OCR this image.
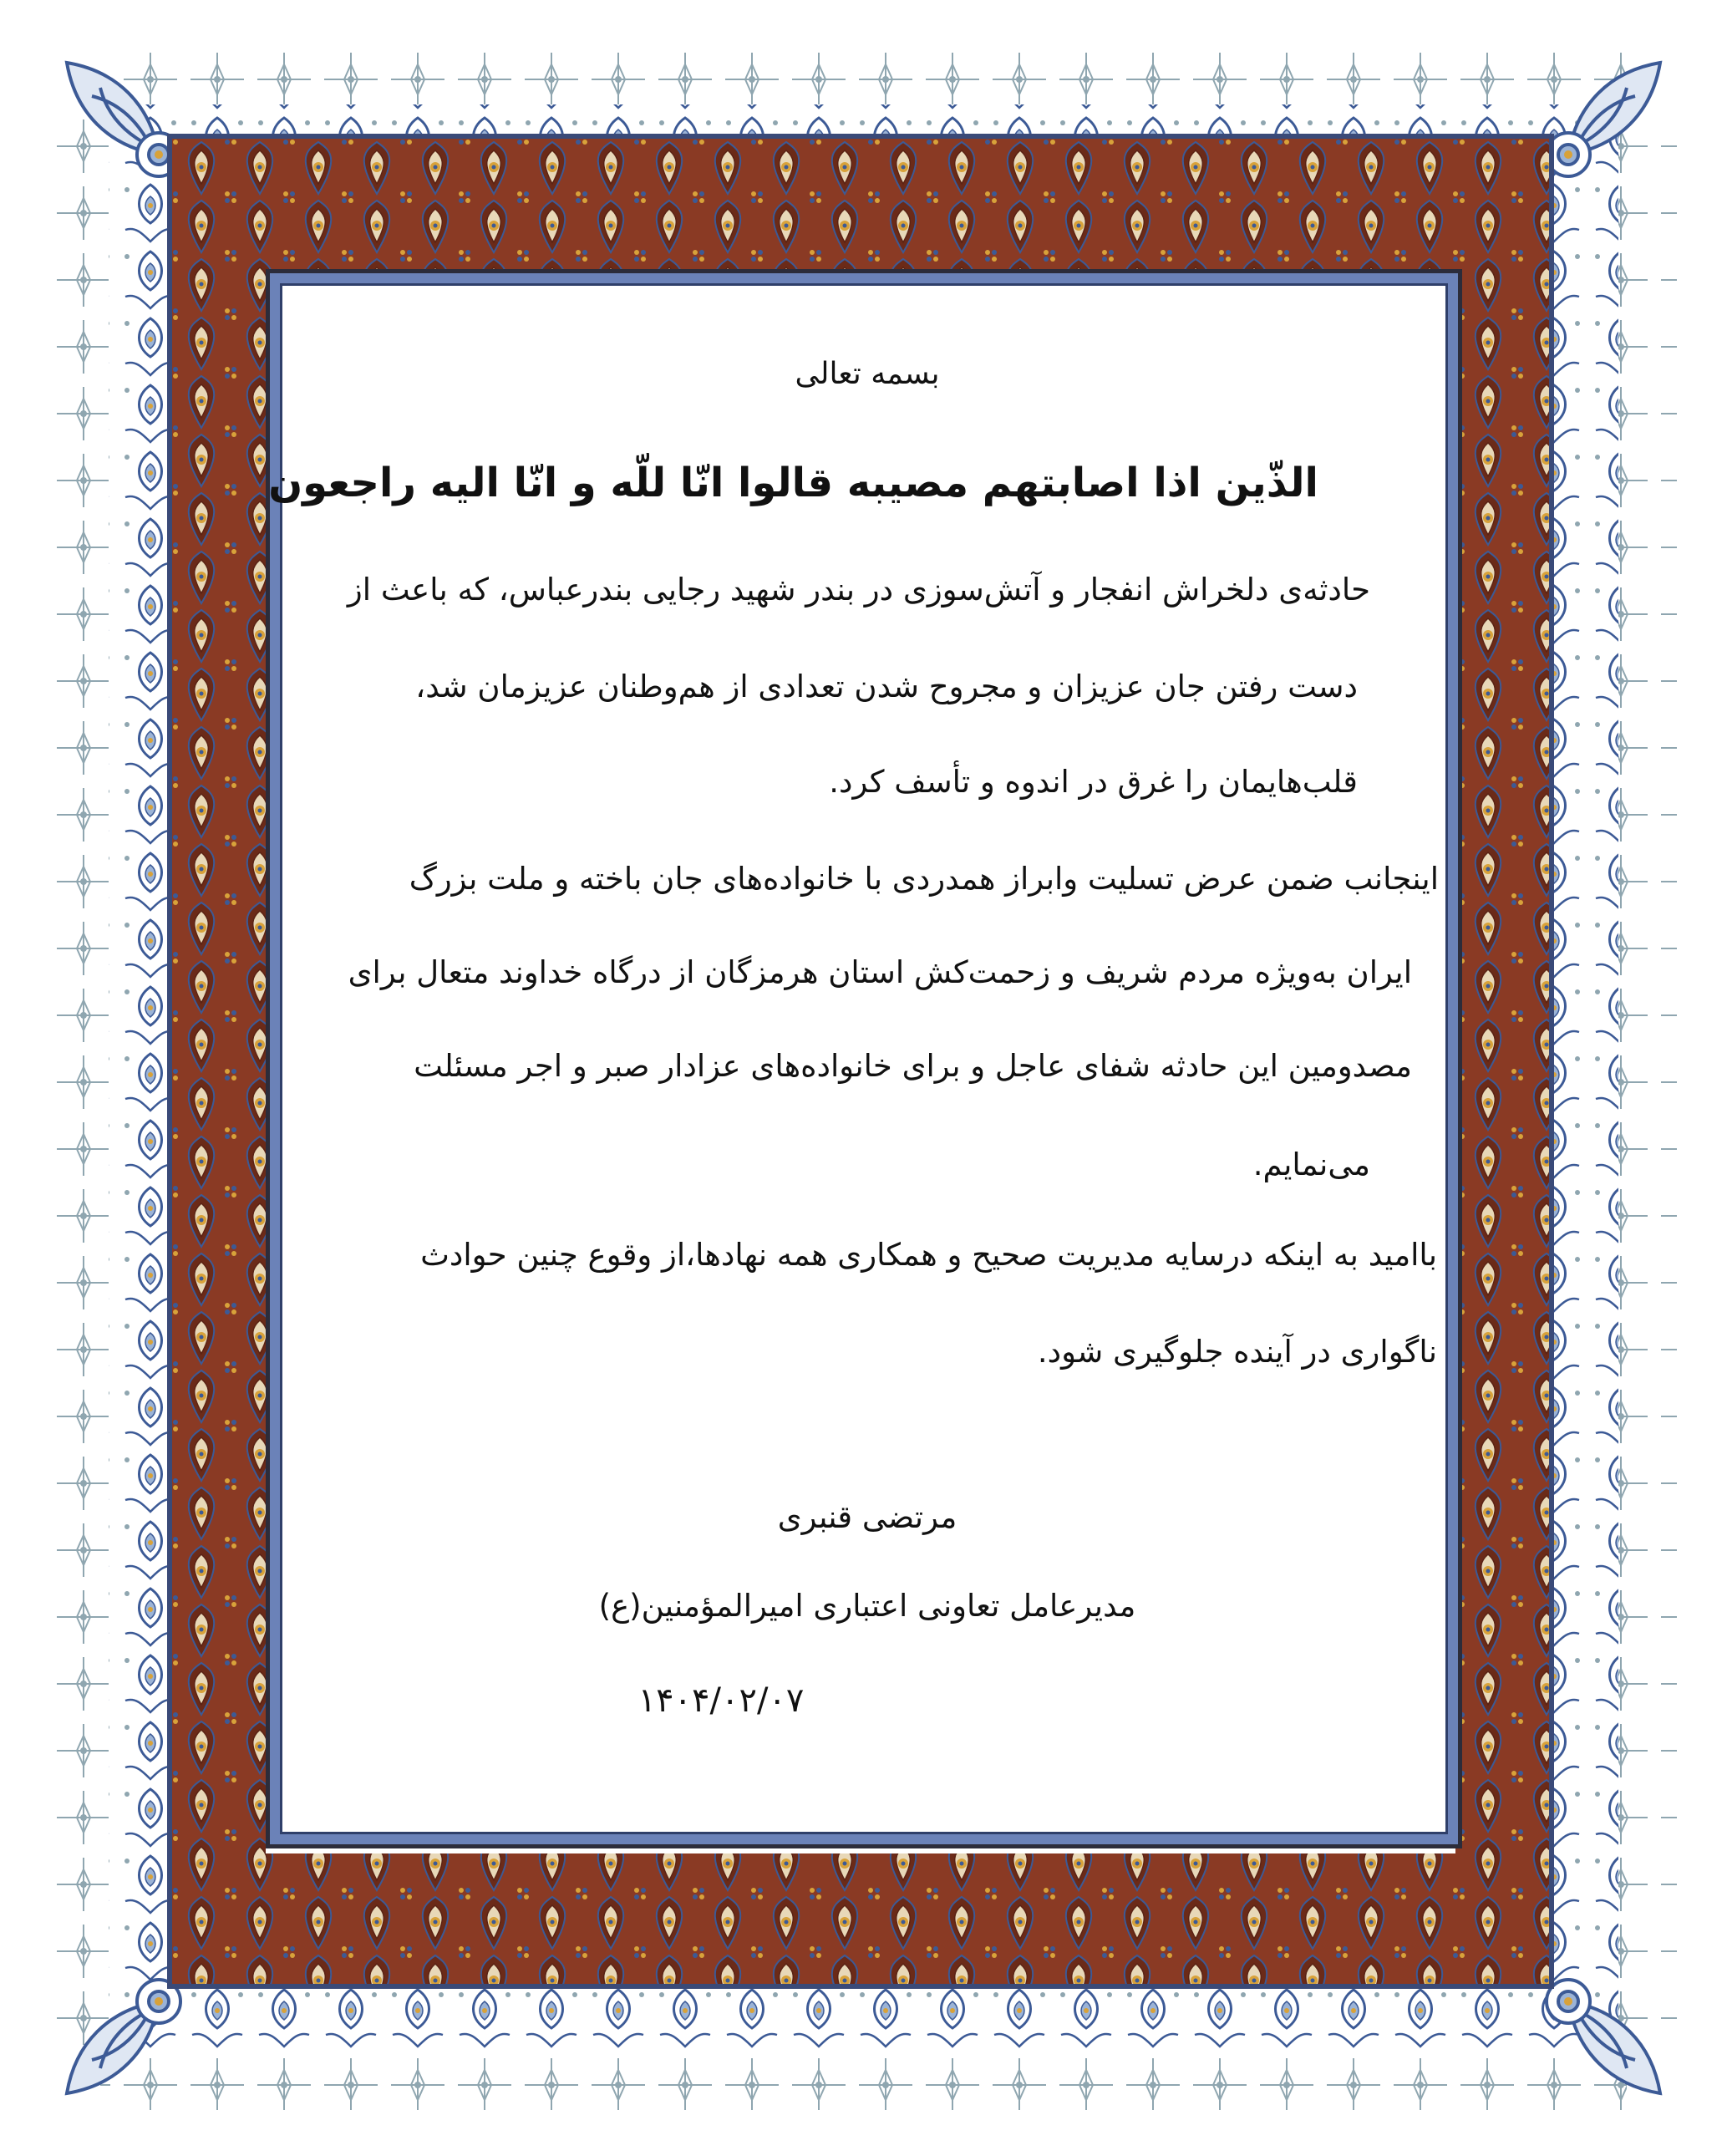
بسمه تعالی
الذّین اذا اصابتهم مصیبه قالوا انّا للّه و انّا الیه راجعون
حادثه‌ی دلخراش انفجار و آتش‌سوزی در بندر شهید رجایی بندرعباس، که باعث از
دست رفتن جان عزیزان و مجروح شدن تعدادی از هم‌وطنان عزیزمان شد،
قلب‌هایمان را غرق در اندوه و تأسف کرد.
اینجانب ضمن عرض تسلیت وابراز همدردی با خانواده‌های جان باخته و ملت بزرگ
ایران به‌ویژه مردم شریف و زحمت‌کش استان هرمزگان از درگاه خداوند متعال برای
مصدومین این حادثه شفای عاجل و برای خانواده‌های عزادار صبر و اجر مسئلت
می‌نمایم.
باامید به اینکه درسایه مدیریت صحیح و همکاری همه نهادها،از وقوع چنین حوادث
ناگواری در آینده جلوگیری شود.
مرتضی قنبری
مدیرعامل تعاونی اعتباری امیرالمؤمنین(ع)
۱۴۰۴/۰۲/۰۷
